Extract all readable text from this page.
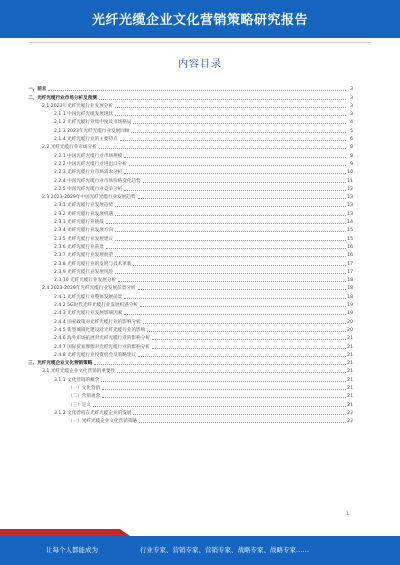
光纤光缆企业文化营销策略研究报告
内容目录
一、前言	3
二、光纤光缆行业市场分析及预测	3
2.1 2023年光纤光缆行业发展分析	3
2.1.1 中国光纤光缆发展现状	3
2.1.2 光纤光缆行业集中度及市场格局	4
2.1.3 2023年光纤光缆行业发展回顾	5
2.1.4 光纤光缆行业的主要特点	6
2.2 光纤光缆行业市场分析	8
2.2.1 中国光纤光缆行业市场规模	8
2.2.2 中国光纤光缆行业进出口分析	9
2.2.3 光纤光缆行业市场需求分析	10
2.2.4 中国光纤光缆行业市场价格变化趋势	11
2.2.5 中国光纤光缆行业竞争分析	12
2.3 2023-2029年中国光纤光缆行业发展趋势	13
2.3.1 光纤光缆行业发展趋势	13
2.3.2 光纤光缆行业发展机遇	13
2.3.3 光纤光缆行业挑战	14
2.3.4 光纤光缆行业发展方向	15
2.3.5 光纤光缆行业发展建议	15
2.3.6 光纤光缆行业前景	16
2.3.7 光纤光缆行业发展展望	16
2.3.8 光纤光缆行业的发展与技术革新	17
2.3.9 光纤光缆行业发展风险	17
2.3.10 光纤光缆行业发展分析	18
2.4 2023-2029年光纤光缆行业发展前景分析	18
2.4.1 光纤光缆行业整体发展前景	18
2.4.2 5G时代光纤光缆行业发展机遇分析	19
2.4.3 光纤光缆行业发展影响因素	19
2.4.4 国家政策对光纤光缆行业的影响分析	20
2.4.5 新型城镇化建设对光纤光缆行业的影响	20
2.4.6 海外市场拓展对光纤光缆行业的影响分析	21
2.4.7 国际贸易摩擦对光纤光缆行业的影响分析	21
2.4.8 光纤光缆行业投资机会及策略建议	21
三、光纤光缆企业文化营销策略	21
3.1 光纤光缆企业文化营销的重要性	21
3.1.1 文化营销的概念	21
（一）文化营销	21
（二）营销观念	21
（三）定义	21
3.1.2 文化营销在光纤光缆企业的发展	22
（一）光纤光缆企业文化营销策略	22
1
让每个人都能成为	行业专家、营销专家、营销专家、战略专家、战略专家……
